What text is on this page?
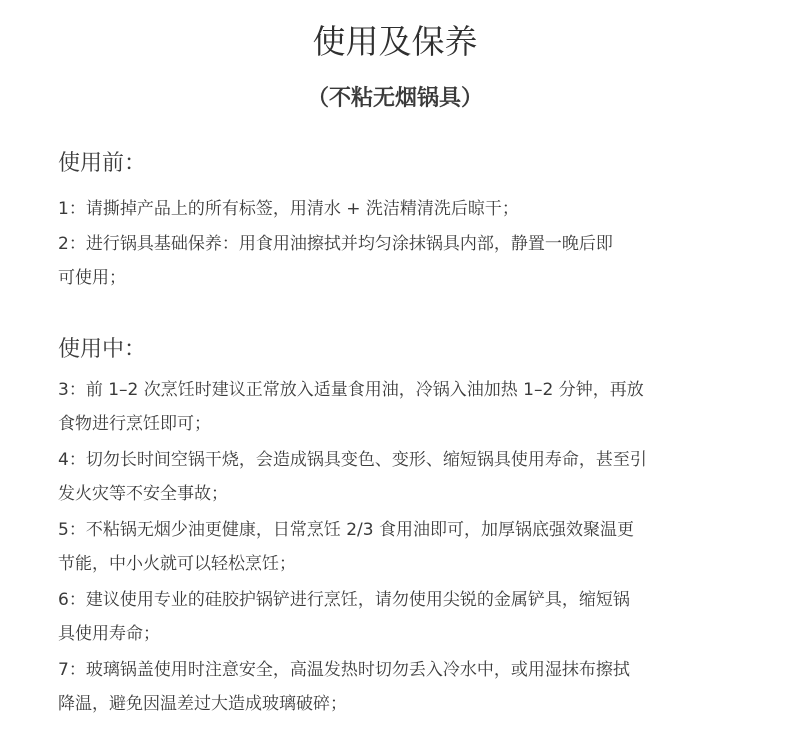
使用及保养
（不粘无烟锅具）
使用前：
1：请撕掉产品上的所有标签，用清水 + 洗洁精清洗后晾干；
2：进行锅具基础保养：用食用油擦拭并均匀涂抹锅具内部，静置一晚后即
可使用；
使用中：
3：前 1–2 次烹饪时建议正常放入适量食用油，冷锅入油加热 1–2 分钟，再放
食物进行烹饪即可；
4：切勿长时间空锅干烧，会造成锅具变色、变形、缩短锅具使用寿命，甚至引
发火灾等不安全事故；
5：不粘锅无烟少油更健康，日常烹饪 2/3 食用油即可，加厚锅底强效聚温更
节能，中小火就可以轻松烹饪；
6：建议使用专业的硅胶护锅铲进行烹饪，请勿使用尖锐的金属铲具，缩短锅
具使用寿命；
7：玻璃锅盖使用时注意安全，高温发热时切勿丢入冷水中，或用湿抹布擦拭
降温，避免因温差过大造成玻璃破碎；
